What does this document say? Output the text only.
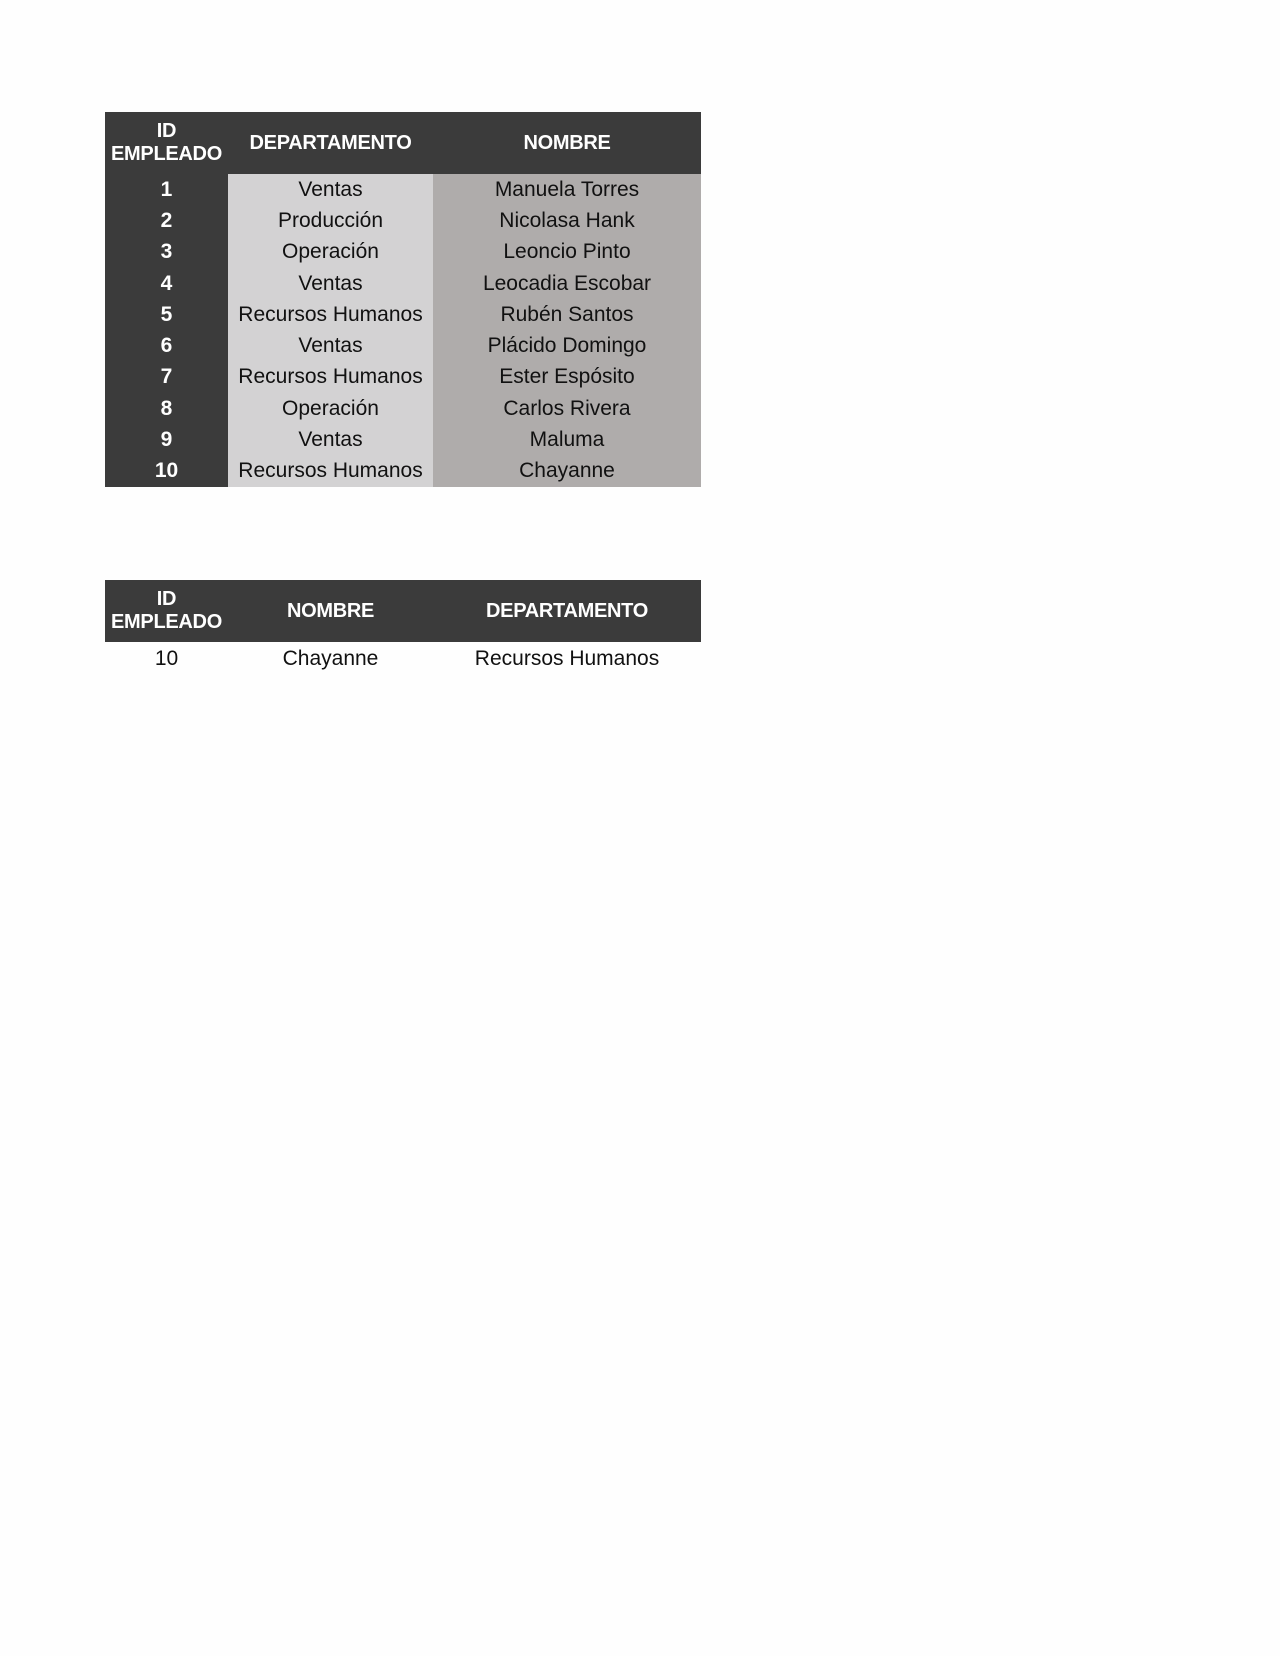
ID
EMPLEADO	DEPARTAMENTO	NOMBRE
1	Ventas	Manuela Torres
2	Producción	Nicolasa Hank
3	Operación	Leoncio Pinto
4	Ventas	Leocadia Escobar
5	Recursos Humanos	Rubén Santos
6	Ventas	Plácido Domingo
7	Recursos Humanos	Ester Espósito
8	Operación	Carlos Rivera
9	Ventas	Maluma
10	Recursos Humanos	Chayanne
ID
EMPLEADO	NOMBRE	DEPARTAMENTO
10	Chayanne	Recursos Humanos
